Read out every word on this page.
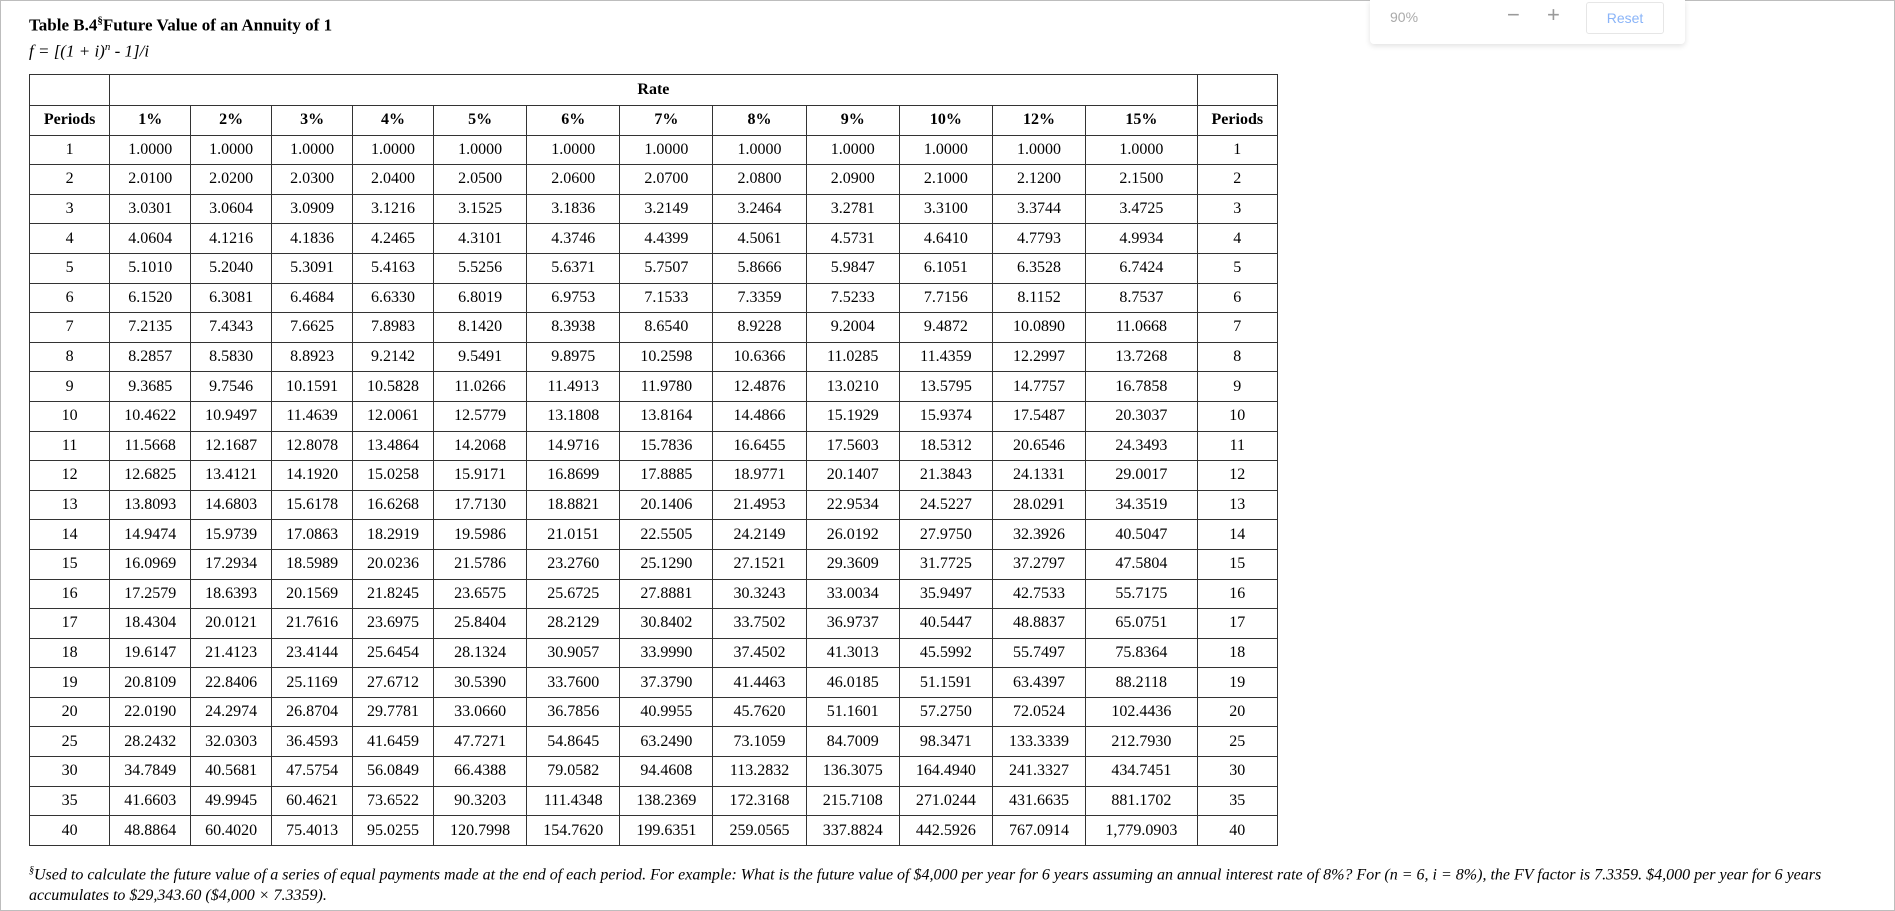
Table B.4§Future Value of an Annuity of 1
$f = [(1 + i)^n - 1]/i$
	Rate												
Periods	1%	2%	3%	4%	5%	6%	7%	8%	9%	10%	12%	15%	Periods
1	1.0000	1.0000	1.0000	1.0000	1.0000	1.0000	1.0000	1.0000	1.0000	1.0000	1.0000	1.0000	1
2	2.0100	2.0200	2.0300	2.0400	2.0500	2.0600	2.0700	2.0800	2.0900	2.1000	2.1200	2.1500	2
3	3.0301	3.0604	3.0909	3.1216	3.1525	3.1836	3.2149	3.2464	3.2781	3.3100	3.3744	3.4725	3
4	4.0604	4.1216	4.1836	4.2465	4.3101	4.3746	4.4399	4.5061	4.5731	4.6410	4.7793	4.9934	4
5	5.1010	5.2040	5.3091	5.4163	5.5256	5.6371	5.7507	5.8666	5.9847	6.1051	6.3528	6.7424	5
6	6.1520	6.3081	6.4684	6.6330	6.8019	6.9753	7.1533	7.3359	7.5233	7.7156	8.1152	8.7537	6
7	7.2135	7.4343	7.6625	7.8983	8.1420	8.3938	8.6540	8.9228	9.2004	9.4872	10.0890	11.0668	7
8	8.2857	8.5830	8.8923	9.2142	9.5491	9.8975	10.2598	10.6366	11.0285	11.4359	12.2997	13.7268	8
9	9.3685	9.7546	10.1591	10.5828	11.0266	11.4913	11.9780	12.4876	13.0210	13.5795	14.7757	16.7858	9
10	10.4622	10.9497	11.4639	12.0061	12.5779	13.1808	13.8164	14.4866	15.1929	15.9374	17.5487	20.3037	10
11	11.5668	12.1687	12.8078	13.4864	14.2068	14.9716	15.7836	16.6455	17.5603	18.5312	20.6546	24.3493	11
12	12.6825	13.4121	14.1920	15.0258	15.9171	16.8699	17.8885	18.9771	20.1407	21.3843	24.1331	29.0017	12
13	13.8093	14.6803	15.6178	16.6268	17.7130	18.8821	20.1406	21.4953	22.9534	24.5227	28.0291	34.3519	13
14	14.9474	15.9739	17.0863	18.2919	19.5986	21.0151	22.5505	24.2149	26.0192	27.9750	32.3926	40.5047	14
15	16.0969	17.2934	18.5989	20.0236	21.5786	23.2760	25.1290	27.1521	29.3609	31.7725	37.2797	47.5804	15
16	17.2579	18.6393	20.1569	21.8245	23.6575	25.6725	27.8881	30.3243	33.0034	35.9497	42.7533	55.7175	16
17	18.4304	20.0121	21.7616	23.6975	25.8404	28.2129	30.8402	33.7502	36.9737	40.5447	48.8837	65.0751	17
18	19.6147	21.4123	23.4144	25.6454	28.1324	30.9057	33.9990	37.4502	41.3013	45.5992	55.7497	75.8364	18
19	20.8109	22.8406	25.1169	27.6712	30.5390	33.7600	37.3790	41.4463	46.0185	51.1591	63.4397	88.2118	19
20	22.0190	24.2974	26.8704	29.7781	33.0660	36.7856	40.9955	45.7620	51.1601	57.2750	72.0524	102.4436	20
25	28.2432	32.0303	36.4593	41.6459	47.7271	54.8645	63.2490	73.1059	84.7009	98.3471	133.3339	212.7930	25
30	34.7849	40.5681	47.5754	56.0849	66.4388	79.0582	94.4608	113.2832	136.3075	164.4940	241.3327	434.7451	30
35	41.6603	49.9945	60.4621	73.6522	90.3203	111.4348	138.2369	172.3168	215.7108	271.0244	431.6635	881.1702	35
40	48.8864	60.4020	75.4013	95.0255	120.7998	154.7620	199.6351	259.0565	337.8824	442.5926	767.0914	1,779.0903	40
§Used to calculate the future value of a series of equal payments made at the end of each period. For example: What is the future value of $4,000 per year for 6 years assuming an annual interest rate of 8%? For (n = 6, i = 8%), the FV factor is 7.3359. $4,000 per year for 6 years accumulates to $29,343.60 ($4,000 × 7.3359).
90%	− +	Reset
